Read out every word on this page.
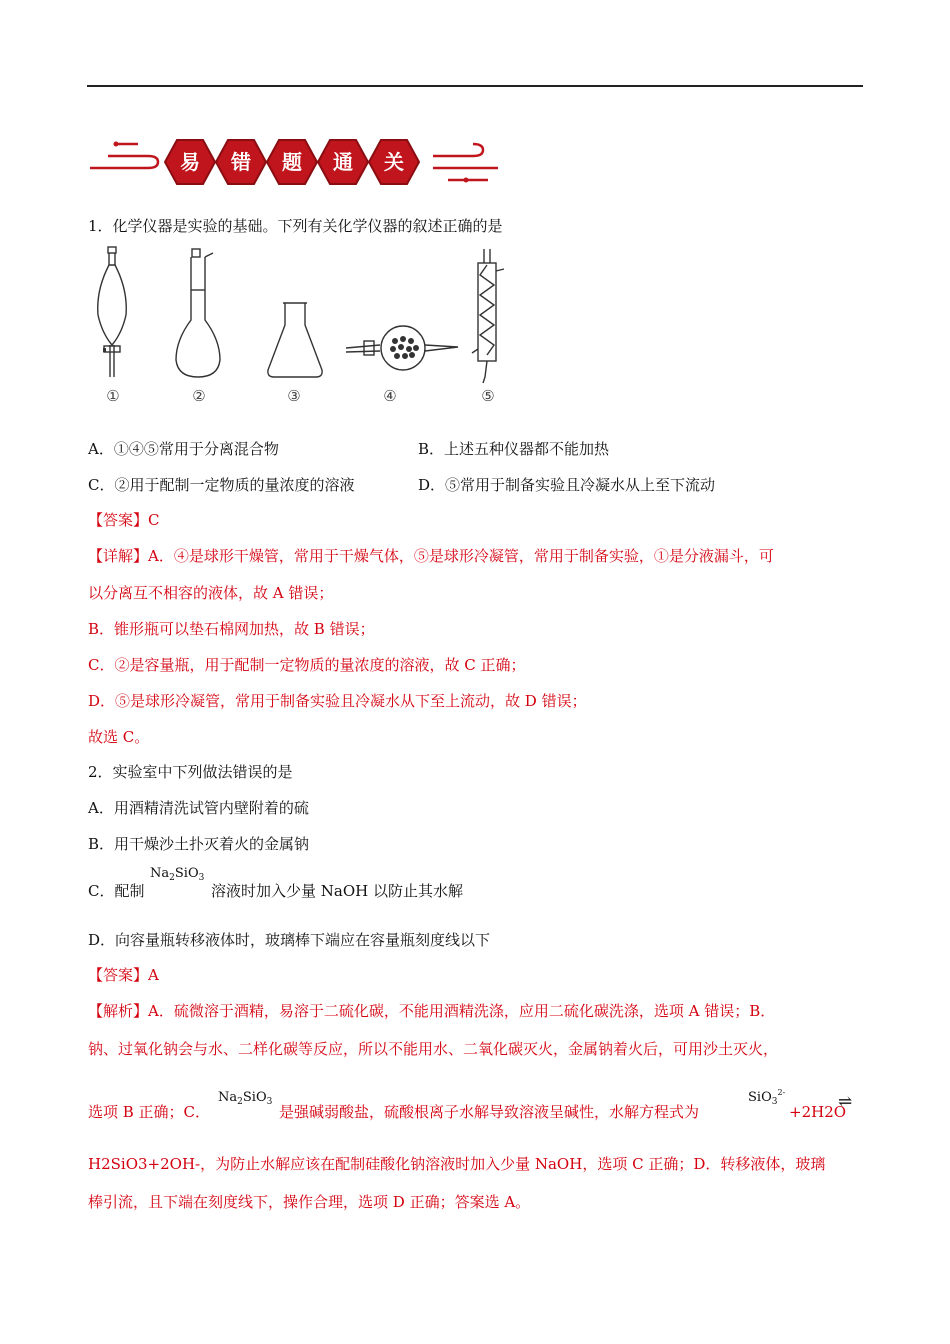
易	错	题	通	关
1．化学仪器是实验的基础。下列有关化学仪器的叙述正确的是
①	②	③	④	⑤
A．①④⑤常用于分离混合物	B．上述五种仪器都不能加热
C．②用于配制一定物质的量浓度的溶液	D．⑤常用于制备实验且冷凝水从上至下流动
【答案】C
【详解】A．④是球形干燥管，常用于干燥气体，⑤是球形冷凝管，常用于制备实验，①是分液漏斗，可
以分离互不相容的液体，故 A 错误；
B．锥形瓶可以垫石棉网加热，故 B 错误；
C．②是容量瓶，用于配制一定物质的量浓度的溶液，故 C 正确；
D．⑤是球形冷凝管，常用于制备实验且冷凝水从下至上流动，故 D 错误；
故选 C。
2．实验室中下列做法错误的是
A．用酒精清洗试管内壁附着的硫
B．用干燥沙土扑灭着火的金属钠
C．配制
$Na_2SiO_3$
溶液时加入少量 NaOH 以防止其水解
D．向容量瓶转移液体时，玻璃棒下端应在容量瓶刻度线以下
【答案】A
【解析】A．硫微溶于酒精，易溶于二硫化碳，不能用酒精洗涤，应用二硫化碳洗涤，选项 A 错误；B．
钠、过氧化钠会与水、二样化碳等反应，所以不能用水、二氧化碳灭火，金属钠着火后，可用沙土灭火，
选项 B 正确；C．
$Na_2SiO_3$
是强碱弱酸盐，硫酸根离子水解导致溶液呈碱性，水解方程式为
SiO$_3^{2-}$
+2H2O
⇌
H2SiO3+2OH-，为防止水解应该在配制硅酸化钠溶液时加入少量 NaOH，选项 C 正确；D．转移液体，玻璃
棒引流，且下端在刻度线下，操作合理，选项 D 正确；答案选 A。
